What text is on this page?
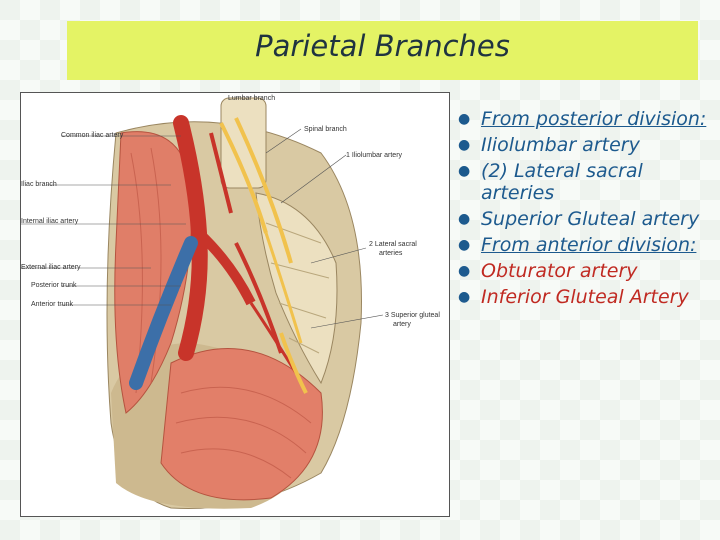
Parietal Branches
Lumbar branch
Common iliac artery
Spinal branch
1 Iliolumbar artery
Iliac branch
Internal iliac artery
2 Lateral sacral
arteries
External iliac artery
Posterior trunk
Anterior trunk
3 Superior gluteal
artery
● From posterior division:
● Iliolumbar artery
● (2) Lateral sacral arteries
● Superior Gluteal artery
● From anterior division:
● Obturator artery
● Inferior Gluteal Artery
